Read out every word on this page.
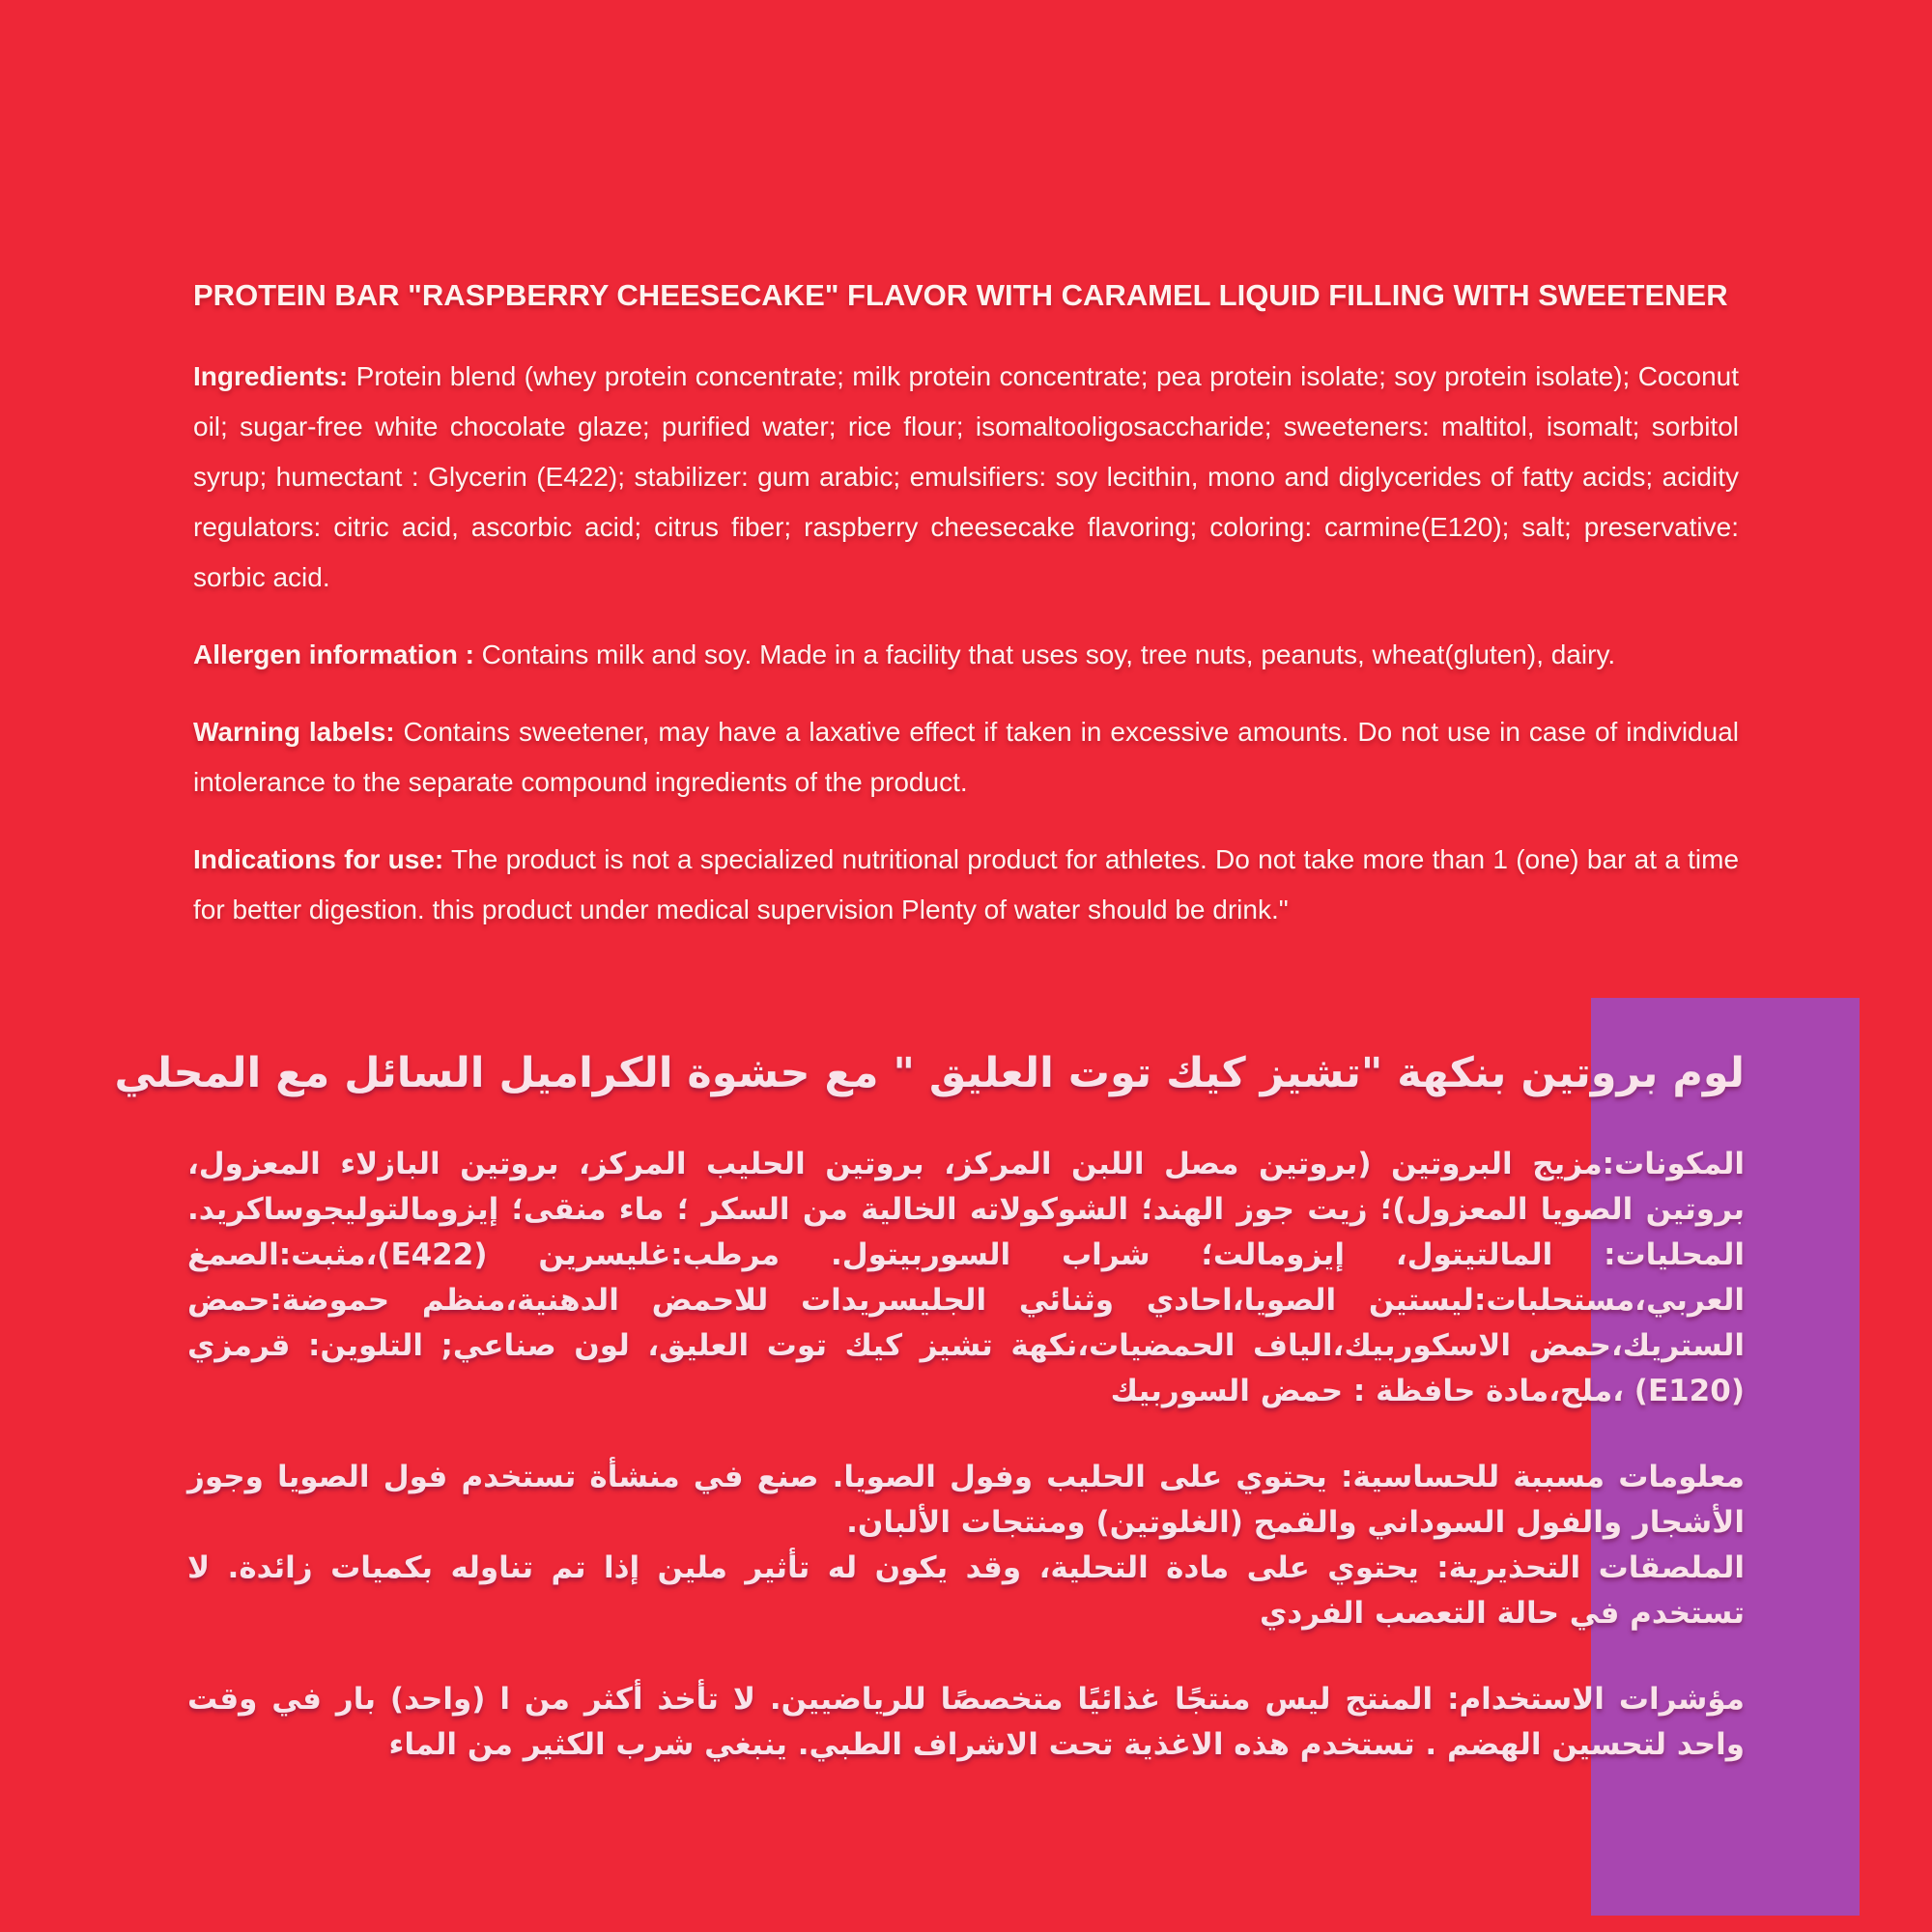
PROTEIN BAR "RASPBERRY CHEESECAKE" FLAVOR WITH CARAMEL LIQUID FILLING WITH SWEETENER

Ingredients: Protein blend (whey protein concentrate; milk protein concentrate; pea protein isolate; soy protein isolate); Coconut oil; sugar-free white chocolate glaze; purified water; rice flour; isomaltooligosaccharide; sweeteners: maltitol, isomalt; sorbitol syrup; humectant : Glycerin (E422); stabilizer: gum arabic; emulsifiers: soy lecithin, mono and diglycerides of fatty acids; acidity regulators: citric acid, ascorbic acid; citrus fiber; raspberry cheesecake flavoring; coloring: carmine(E120); salt; preservative: sorbic acid.

Allergen information : Contains milk and soy. Made in a facility that uses soy, tree nuts, peanuts, wheat(gluten), dairy.

Warning labels: Contains sweetener, may have a laxative effect if taken in excessive amounts. Do not use in case of individual intolerance to the separate compound ingredients of the product.

Indications for use: The product is not a specialized nutritional product for athletes. Do not take more than 1 (one) bar at a time for better digestion. this product under medical supervision Plenty of water should be drink."

لوم بروتين بنكهة "تشيز كيك توت العليق " مع حشوة الكراميل السائل مع المحلي

المكونات:مزيج البروتين (بروتين مصل اللبن المركز، بروتين الحليب المركز، بروتين البازلاء المعزول، بروتين الصويا المعزول)؛ زيت جوز الهند؛ الشوكولاته الخالية من السكر ؛ ماء منقى؛ إيزومالتوليجوساكريد. المحليات: المالتيتول، إيزومالت؛ شراب السوربيتول. مرطب:غليسرين (E422)،مثبت:الصمغ العربي،مستحلبات:ليستين الصويا،احادي وثنائي الجليسريدات للاحمض الدهنية،منظم حموضة:حمض الستريك،حمض الاسكوربيك،الياف الحمضيات،نكهة تشيز كيك توت العليق، لون صناعي; التلوين: قرمزي (E120) ،ملح،مادة حافظة : حمض السوربيك

معلومات مسببة للحساسية: يحتوي على الحليب وفول الصويا. صنع في منشأة تستخدم فول الصويا وجوز الأشجار والفول السوداني والقمح (الغلوتين) ومنتجات الألبان.

الملصقات التحذيرية: يحتوي على مادة التحلية، وقد يكون له تأثير ملين إذا تم تناوله بكميات زائدة. لا تستخدم في حالة التعصب الفردي

مؤشرات الاستخدام: المنتج ليس منتجًا غذائيًا متخصصًا للرياضيين. لا تأخذ أكثر من ا (واحد) بار في وقت واحد لتحسين الهضم . تستخدم هذه الاغذية تحت الاشراف الطبي. ينبغي شرب الكثير من الماء
